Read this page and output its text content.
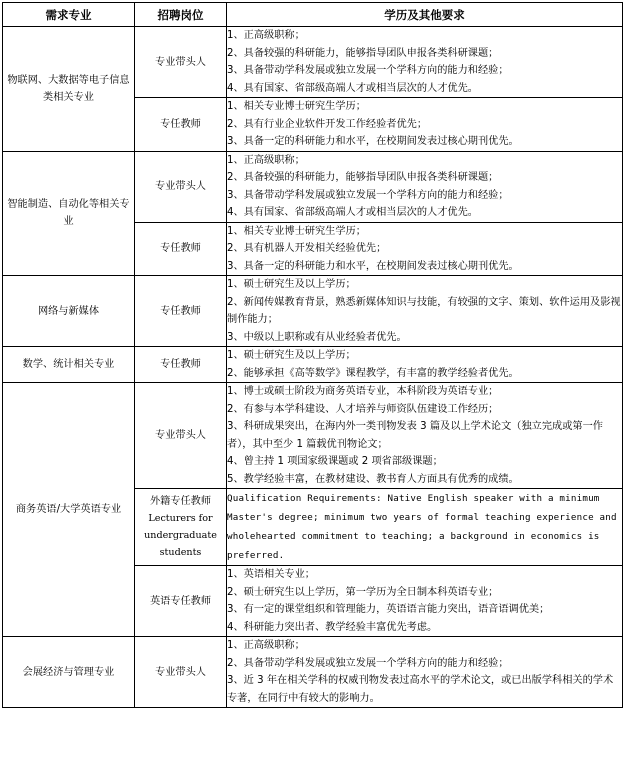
需求专业	招聘岗位	学历及其他要求
物联网、大数据等电子信息类相关专业	专业带头人	1、正高级职称；
2、具备较强的科研能力，能够指导团队申报各类科研课题；
3、具备带动学科发展或独立发展一个学科方向的能力和经验；
4、具有国家、省部级高端人才或相当层次的人才优先。

	专任教师	1、相关专业博士研究生学历；
2、具有行业企业软件开发工作经验者优先；
3、具备一定的科研能力和水平，在校期间发表过核心期刊优先。

智能制造、自动化等相关专业	专业带头人	1、正高级职称；
2、具备较强的科研能力，能够指导团队申报各类科研课题；
3、具备带动学科发展或独立发展一个学科方向的能力和经验；
4、具有国家、省部级高端人才或相当层次的人才优先。

	专任教师	1、相关专业博士研究生学历；
2、具有机器人开发相关经验优先；
3、具备一定的科研能力和水平，在校期间发表过核心期刊优先。

网络与新媒体	专任教师	1、硕士研究生及以上学历；
2、新闻传媒教育背景，熟悉新媒体知识与技能，有较强的文字、策划、软件运用及影视制作能力；
3、中级以上职称或有从业经验者优先。

数学、统计相关专业	专任教师	1、硕士研究生及以上学历；
2、能够承担《高等数学》课程教学，有丰富的教学经验者优先。

商务英语/大学英语专业	专业带头人	1、博士或硕士阶段为商务英语专业，本科阶段为英语专业；
2、有参与本学科建设、人才培养与师资队伍建设工作经历；
3、科研成果突出，在海内外一类刊物发表 3 篇及以上学术论文（独立完成或第一作者），其中至少 1 篇载优刊物论文；
4、曾主持 1 项国家级课题或 2 项省部级课题；
5、教学经验丰富，在教材建设、教书育人方面具有优秀的成绩。

	外籍专任教师
Lecturers for undergraduate students	Qualification Requirements: Native English speaker with a minimum Master's degree; minimum two years of formal teaching experience and wholehearted commitment to teaching; a background in economics is preferred.

	英语专任教师	1、英语相关专业；
2、硕士研究生以上学历，第一学历为全日制本科英语专业；
3、有一定的课堂组织和管理能力，英语语言能力突出，语音语调优美；
4、科研能力突出者、教学经验丰富优先考虑。

会展经济与管理专业	专业带头人	1、正高级职称；
2、具备带动学科发展或独立发展一个学科方向的能力和经验；
3、近 3 年在相关学科的权威刊物发表过高水平的学术论文，或已出版学科相关的学术专著，在同行中有较大的影响力。
